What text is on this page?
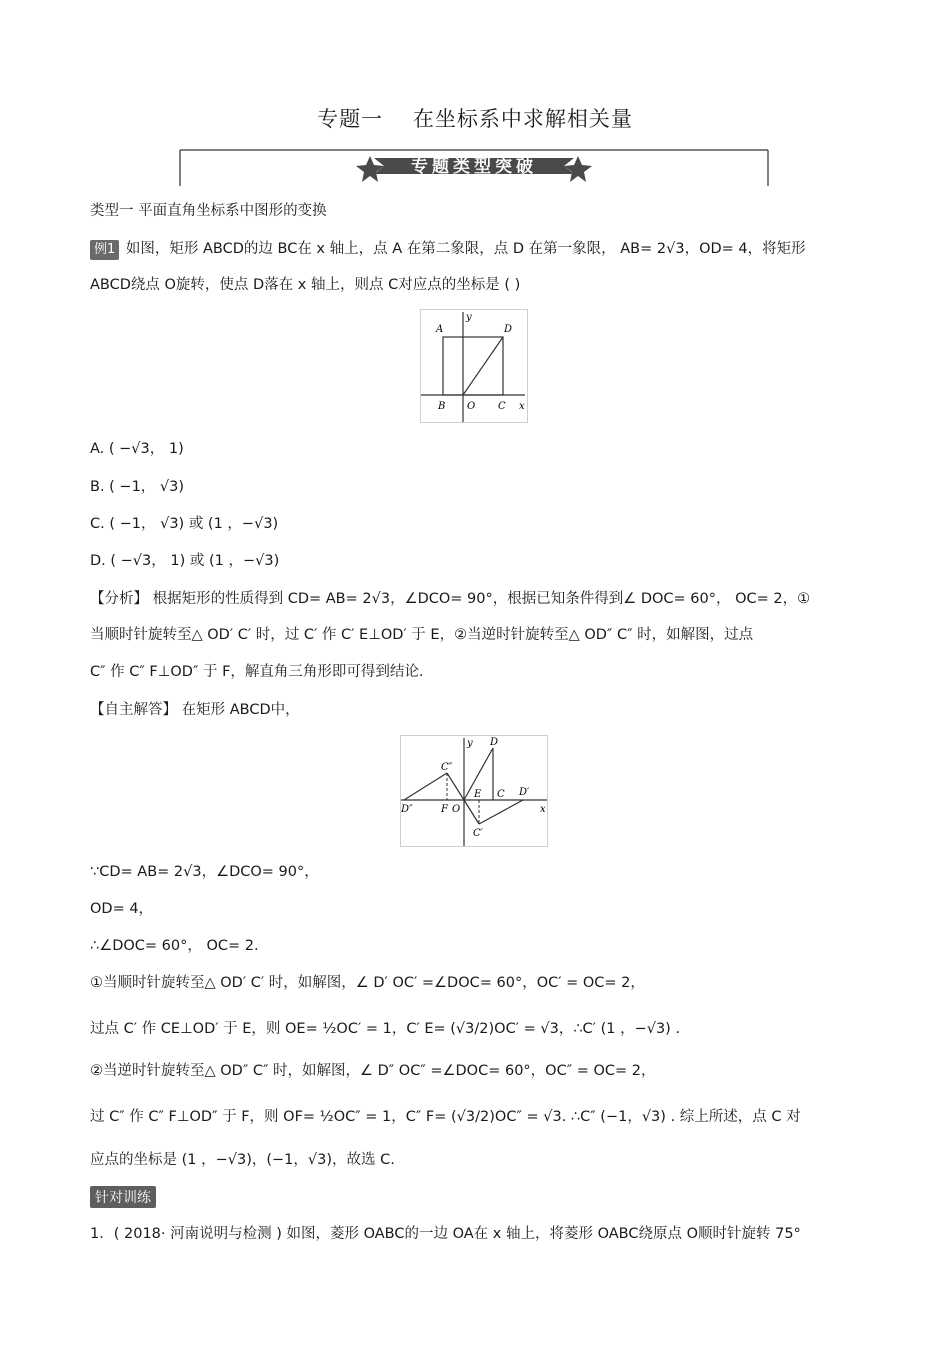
专题一 在坐标系中求解相关量
专题类型突破
类型一 平面直角坐标系中图形的变换
例1 如图，矩形 ABCD的边 BC在 x 轴上，点 A 在第二象限，点 D 在第一象限， AB= 2√3，OD= 4，将矩形
ABCD绕点 O旋转，使点 D落在 x 轴上，则点 C对应点的坐标是 ( )
A	D
B O C x
y
A. ( −√3， 1)
B. ( −1， √3)
C. ( −1， √3) 或 (1 ，−√3)
D. ( −√3， 1) 或 (1 ，−√3)
【分析】 根据矩形的性质得到 CD= AB= 2√3，∠DCO= 90°，根据已知条件得到∠ DOC= 60°， OC= 2，①
当顺时针旋转至△ OD′ C′ 时，过 C′ 作 C′ E⊥OD′ 于 E，②当逆时针旋转至△ OD″ C″ 时，如解图，过点
C″ 作 C″ F⊥OD″ 于 F，解直角三角形即可得到结论.
【自主解答】 在矩形 ABCD中，
C″
D
E C D′
D″	F O
C′
x
y
∵CD= AB= 2√3，∠DCO= 90°，
OD= 4，
∴∠DOC= 60°， OC= 2.
①当顺时针旋转至△ OD′ C′ 时，如解图，∠ D′ OC′ =∠DOC= 60°，OC′ = OC= 2，
过点 C′ 作 CE⊥OD′ 于 E，则 OE= ½OC′ = 1，C′ E= (√3/2)OC′ = √3，∴C′ (1 ，−√3) .
②当逆时针旋转至△ OD″ C″ 时，如解图，∠ D″ OC″ =∠DOC= 60°，OC″ = OC= 2，
过 C″ 作 C″ F⊥OD″ 于 F，则 OF= ½OC″ = 1，C″ F= (√3/2)OC″ = √3. ∴C″ (−1，√3) . 综上所述，点 C 对
应点的坐标是 (1 ，−√3)，(−1，√3)，故选 C.
针对训练
1．( 2018· 河南说明与检测 ) 如图，菱形 OABC的一边 OA在 x 轴上，将菱形 OABC绕原点 O顺时针旋转 75°
